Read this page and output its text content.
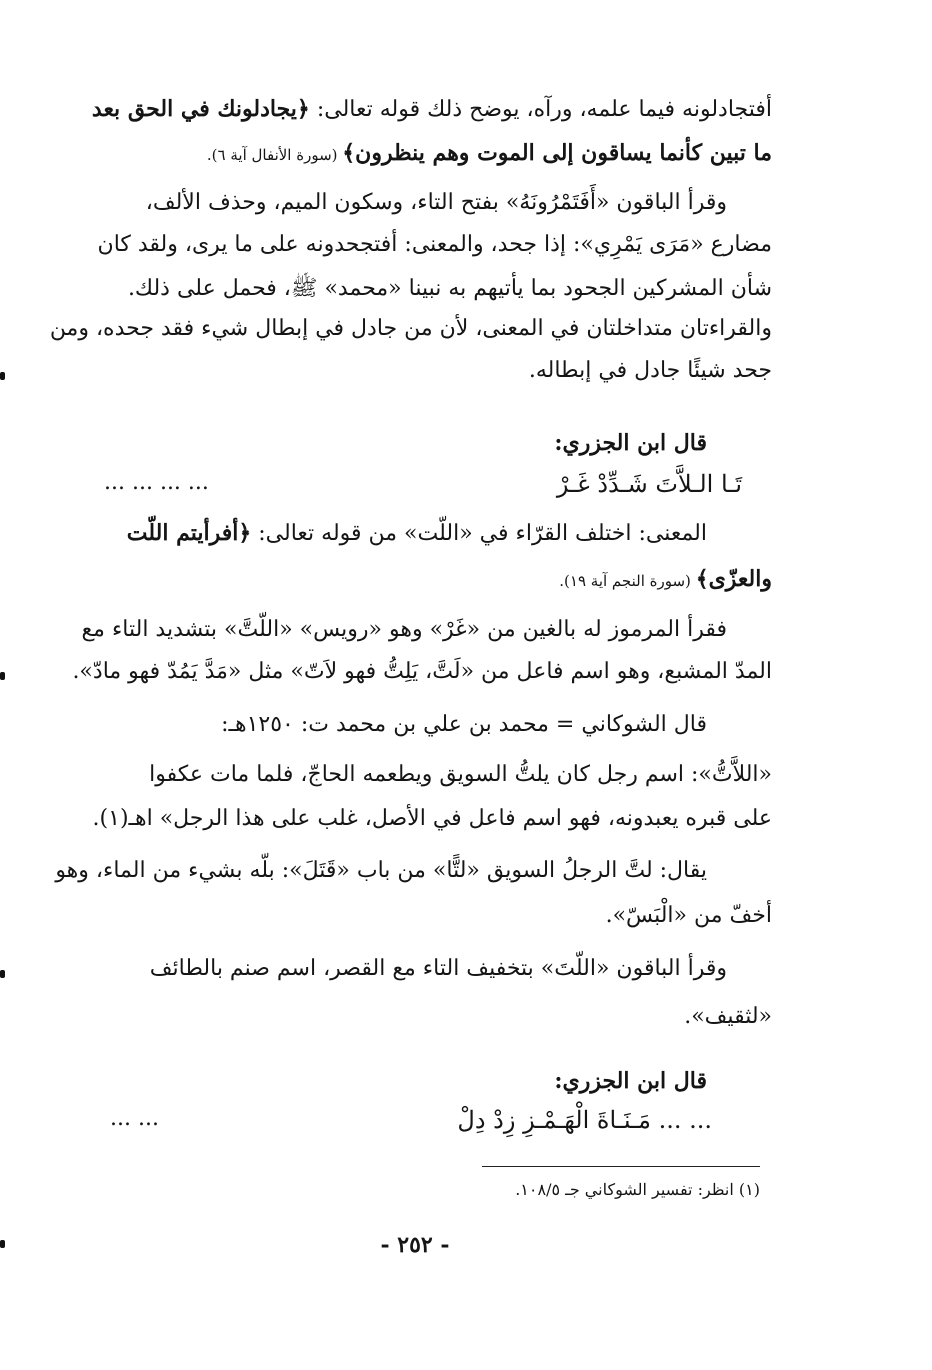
أفتجادلونه فيما علمه، ورآه، يوضح ذلك قوله تعالى: ﴿يجادلونك في الحق بعد
ما تبين كأنما يساقون إلى الموت وهم ينظرون﴾ (سورة الأنفال آية ٦).
وقرأ الباقون «أَفَتَمْرُونَهُ» بفتح التاء، وسكون الميم، وحذف الألف،
مضارع «مَرَى يَمْرِي»: إذا جحد، والمعنى: أفتجحدونه على ما يرى، ولقد كان
شأن المشركين الجحود بما يأتيهم به نبينا «محمد» ﷺ، فحمل على ذلك.
والقراءتان متداخلتان في المعنى، لأن من جادل في إبطال شيء فقد جحده، ومن
جحد شيئًا جادل في إبطاله.
قال ابن الجزري:
تَـا الـلاَّتَ شَـدِّدْ غَـرْ
... ... ... ...
المعنى: اختلف القرّاء في «اللّت» من قوله تعالى: ﴿أفرأيتم اللّت
والعزّى﴾ (سورة النجم آية ١٩).
فقرأ المرموز له بالغين من «غَرْ» وهو «رويس» «اللّتَّ» بتشديد التاء مع
المدّ المشبع، وهو اسم فاعل من «لَتَّ، يَلِتُّ فهو لاَتّ» مثل «مَدَّ يَمُدّ فهو مادّ».
قال الشوكاني = محمد بن علي بن محمد ت: ١٢٥٠هـ:
«اللاَّتُّ»: اسم رجل كان يلتُّ السويق ويطعمه الحاجّ، فلما مات عكفوا
على قبره يعبدونه، فهو اسم فاعل في الأصل، غلب على هذا الرجل» اهـ(١).
يقال: لتَّ الرجلُ السويق «لتًّا» من باب «قَتَلَ»: بلّه بشيء من الماء، وهو
أخفّ من «الْبَسّ».
وقرأ الباقون «اللّتَ» بتخفيف التاء مع القصر، اسم صنم بالطائف
«لثقيف».
قال ابن الجزري:
... ... مَـنَـاةَ الْهَـمْـزِ زِدْ دِلْ
... ...
(١) انظر: تفسير الشوكاني جـ ١٠٨/٥.
- ٢٥٢ -
